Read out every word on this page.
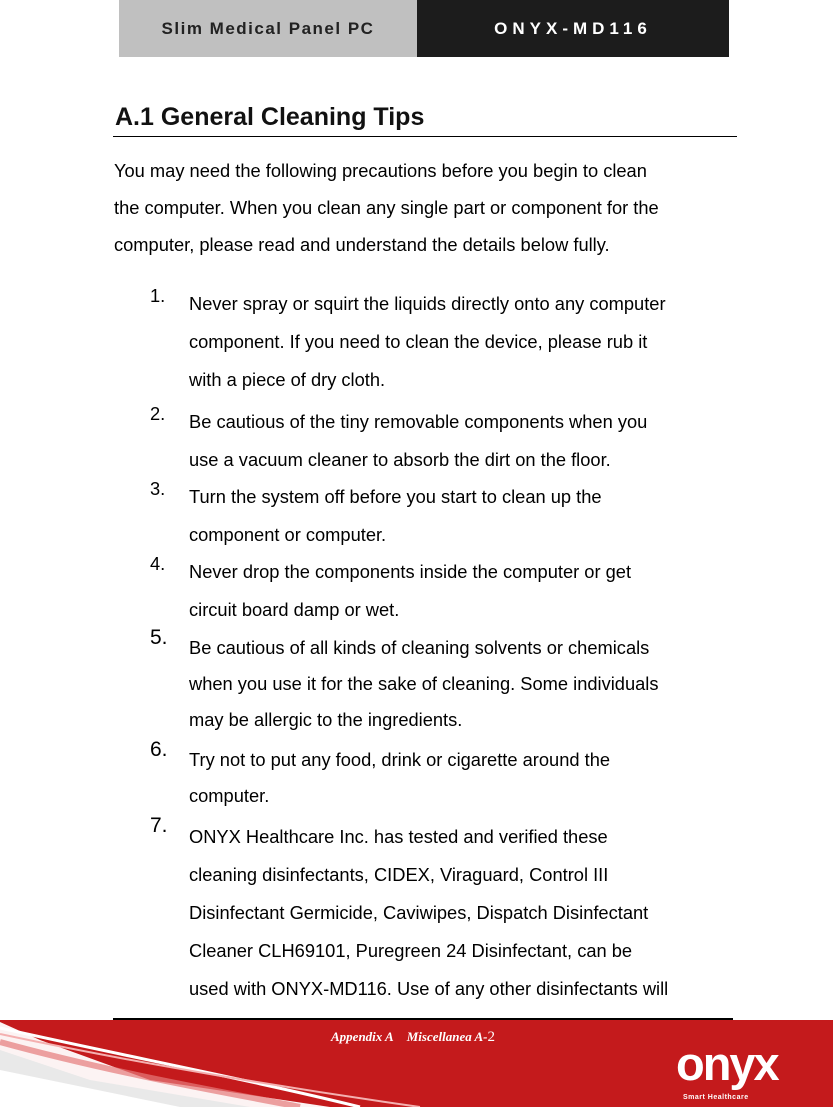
Slim Medical Panel PC	ONYX-MD116
A.1 General Cleaning Tips

You may need the following precautions before you begin to clean
the computer. When you clean any single part or component for the
computer, please read and understand the details below fully.

1. Never spray or squirt the liquids directly onto any computer
component. If you need to clean the device, please rub it
with a piece of dry cloth.
2. Be cautious of the tiny removable components when you
use a vacuum cleaner to absorb the dirt on the floor.
3. Turn the system off before you start to clean up the
component or computer.
4. Never drop the components inside the computer or get
circuit board damp or wet.
5. Be cautious of all kinds of cleaning solvents or chemicals
when you use it for the sake of cleaning. Some individuals
may be allergic to the ingredients.
6. Try not to put any food, drink or cigarette around the
computer.
7. ONYX Healthcare Inc. has tested and verified these
cleaning disinfectants, CIDEX, Viraguard, Control III
Disinfectant Germicide, Caviwipes, Dispatch Disinfectant
Cleaner CLH69101, Puregreen 24 Disinfectant, can be
used with ONYX-MD116. Use of any other disinfectants will
Appendix A Miscellanea A-2	onyx
Smart Healthcare
